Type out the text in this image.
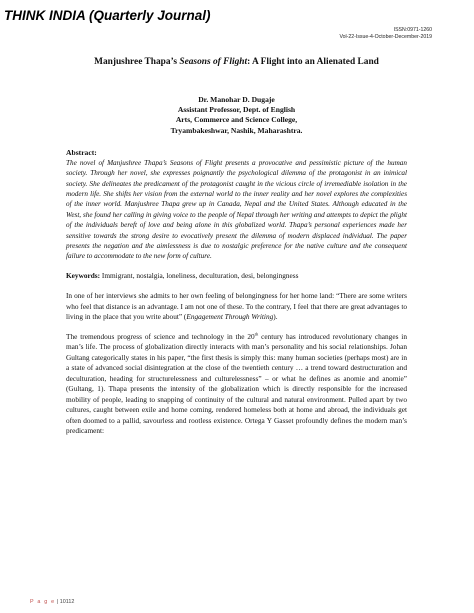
THINK INDIA (Quarterly Journal)
ISSN:0971-1260
Vol-22-Issue-4-October-December-2019
Manjushree Thapa’s Seasons of Flight: A Flight into an Alienated Land
Dr. Manohar D. Dugaje
Assistant Professor, Dept. of English
Arts, Commerce and Science College,
Tryambakeshwar, Nashik, Maharashtra.
Abstract:
The novel of Manjushree Thapa’s Seasons of Flight presents a provocative and pessimistic picture of the human society. Through her novel, she expresses poignantly the psychological dilemma of the protagonist in an inimical society. She delineates the predicament of the protagonist caught in the vicious circle of irremediable isolation in the modern life. She shifts her vision from the external world to the inner reality and her novel explores the complexities of the inner world. Manjushree Thapa grew up in Canada, Nepal and the United States. Although educated in the West, she found her calling in giving voice to the people of Nepal through her writing and attempts to depict the plight of the individuals bereft of love and being alone in this globalized world. Thapa’s personal experiences made her sensitive towards the strong desire to evocatively present the dilemma of modern displaced individual. The paper presents the negation and the aimlessness is due to nostalgic preference for the native culture and the consequent failure to accommodate to the new form of culture.
Keywords: Immigrant, nostalgia, loneliness, deculturation, desi, belongingness

In one of her interviews she admits to her own feeling of belongingness for her home land: “There are some writers who feel that distance is an advantage. I am not one of these. To the contrary, I feel that there are great advantages to living in the place that you write about” (Engagement Through Writing).

The tremendous progress of science and technology in the 20th century has introduced revolutionary changes in man’s life. The process of globalization directly interacts with man’s personality and his social relationships. Johan Gultang categorically states in his paper, “the first thesis is simply this: many human societies (perhaps most) are in a state of advanced social disintegration at the close of the twentieth century … a trend toward destructuration and deculturation, heading for structurelessness and culturelessness” – or what he defines as anomie and anomie” (Gultang, 1). Thapa presents the intensity of the globalization which is directly responsible for the increased mobility of people, leading to snapping of continuity of the cultural and natural environment. Pulled apart by two cultures, caught between exile and home coming, rendered homeless both at home and abroad, the individuals get often doomed to a pallid, savourless and rootless existence. Ortega Y Gasset profoundly defines the modern man’s predicament:

P a g e | 10112
